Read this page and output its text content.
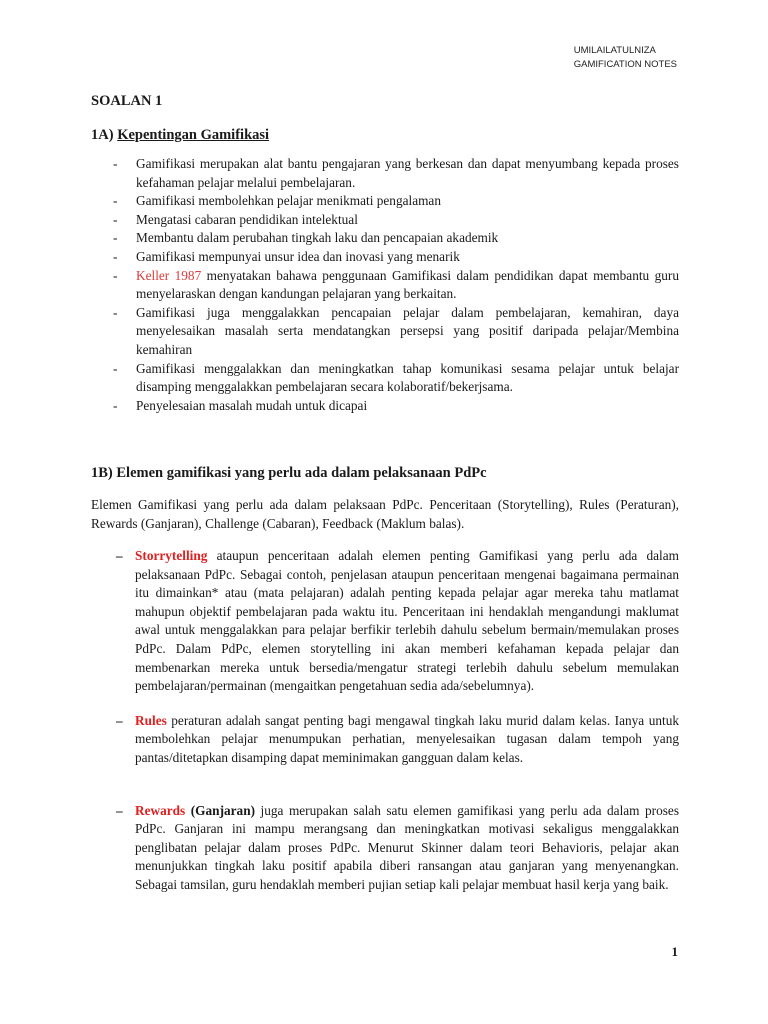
UMILAILATULNIZA
GAMIFICATION NOTES
SOALAN 1
1A) Kepentingan Gamifikasi
- Gamifikasi merupakan alat bantu pengajaran yang berkesan dan dapat menyumbang kepada proses kefahaman pelajar melalui pembelajaran.
- Gamifikasi membolehkan pelajar menikmati pengalaman
- Mengatasi cabaran pendidikan intelektual
- Membantu dalam perubahan tingkah laku dan pencapaian akademik
- Gamifikasi mempunyai unsur idea dan inovasi yang menarik
- Keller 1987 menyatakan bahawa penggunaan Gamifikasi dalam pendidikan dapat membantu guru menyelaraskan dengan kandungan pelajaran yang berkaitan.
- Gamifikasi juga menggalakkan pencapaian pelajar dalam pembelajaran, kemahiran, daya menyelesaikan masalah serta mendatangkan persepsi yang positif daripada pelajar/Membina kemahiran
- Gamifikasi menggalakkan dan meningkatkan tahap komunikasi sesama pelajar untuk belajar disamping menggalakkan pembelajaran secara kolaboratif/bekerjsama.
- Penyelesaian masalah mudah untuk dicapai
1B) Elemen gamifikasi yang perlu ada dalam pelaksanaan PdPc

Elemen Gamifikasi yang perlu ada dalam pelaksaan PdPc. Penceritaan (Storytelling), Rules (Peraturan), Rewards (Ganjaran), Challenge (Cabaran), Feedback (Maklum balas).

– Storrytelling ataupun penceritaan adalah elemen penting Gamifikasi yang perlu ada dalam pelaksanaan PdPc. Sebagai contoh, penjelasan ataupun penceritaan mengenai bagaimana permainan itu dimainkan* atau (mata pelajaran) adalah penting kepada pelajar agar mereka tahu matlamat mahupun objektif pembelajaran pada waktu itu. Penceritaan ini hendaklah mengandungi maklumat awal untuk menggalakkan para pelajar berfikir terlebih dahulu sebelum bermain/memulakan proses PdPc. Dalam PdPc, elemen storytelling ini akan memberi kefahaman kepada pelajar dan membenarkan mereka untuk bersedia/mengatur strategi terlebih dahulu sebelum memulakan pembelajaran/permainan (mengaitkan pengetahuan sedia ada/sebelumnya).
– Rules peraturan adalah sangat penting bagi mengawal tingkah laku murid dalam kelas. Ianya untuk membolehkan pelajar menumpukan perhatian, menyelesaikan tugasan dalam tempoh yang pantas/ditetapkan disamping dapat meminimakan gangguan dalam kelas.
– Rewards (Ganjaran) juga merupakan salah satu elemen gamifikasi yang perlu ada dalam proses PdPc. Ganjaran ini mampu merangsang dan meningkatkan motivasi sekaligus menggalakkan penglibatan pelajar dalam proses PdPc. Menurut Skinner dalam teori Behavioris, pelajar akan menunjukkan tingkah laku positif apabila diberi ransangan atau ganjaran yang menyenangkan. Sebagai tamsilan, guru hendaklah memberi pujian setiap kali pelajar membuat hasil kerja yang baik.
1
